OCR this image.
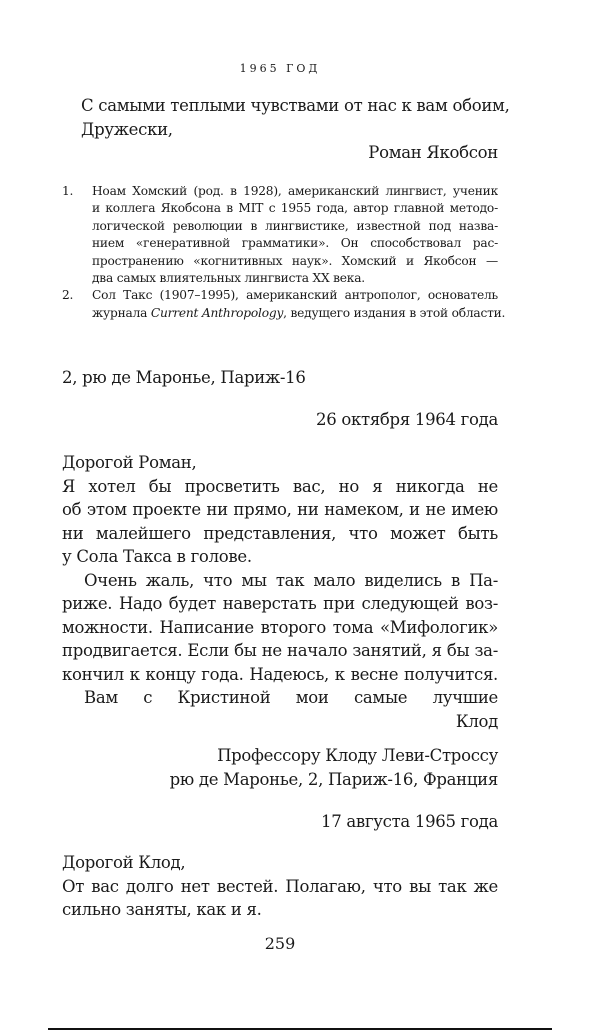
1965 ГОД
С самыми теплыми чувствами от нас к вам обоим,
Дружески,
Роман Якобсон
1. Ноам Хомский (род. в 1928), американский лингвист, ученик
и коллега Якобсона в MIT с 1955 года, автор главной методо-
логической революции в лингвистике, известной под назва-
нием «генеративной грамматики». Он способствовал рас-
пространению «когнитивных наук». Хомский и Якобсон —
два самых влиятельных лингвиста XX века.
2. Сол Такс (1907–1995), американский антрополог, основатель
журнала Current Anthropology, ведущего издания в этой области.
2, рю де Маронье, Париж-16
26 октября 1964 года
Дорогой Роман,
Я хотел бы просветить вас, но я никогда не
об этом проекте ни прямо, ни намеком, и не имею
ни малейшего представления, что может быть
у Сола Такса в голове.
Очень жаль, что мы так мало виделись в Па-
риже. Надо будет наверстать при следующей воз-
можности. Написание второго тома «Мифологик»
продвигается. Если бы не начало занятий, я бы за-
кончил к концу года. Надеюсь, к весне получится.
Вам с Кристиной мои самые лучшие
Клод
Профессору Клоду Леви-Строссу
рю де Маронье, 2, Париж-16, Франция
17 августа 1965 года
Дорогой Клод,
От вас долго нет вестей. Полагаю, что вы так же
сильно заняты, как и я.
259
